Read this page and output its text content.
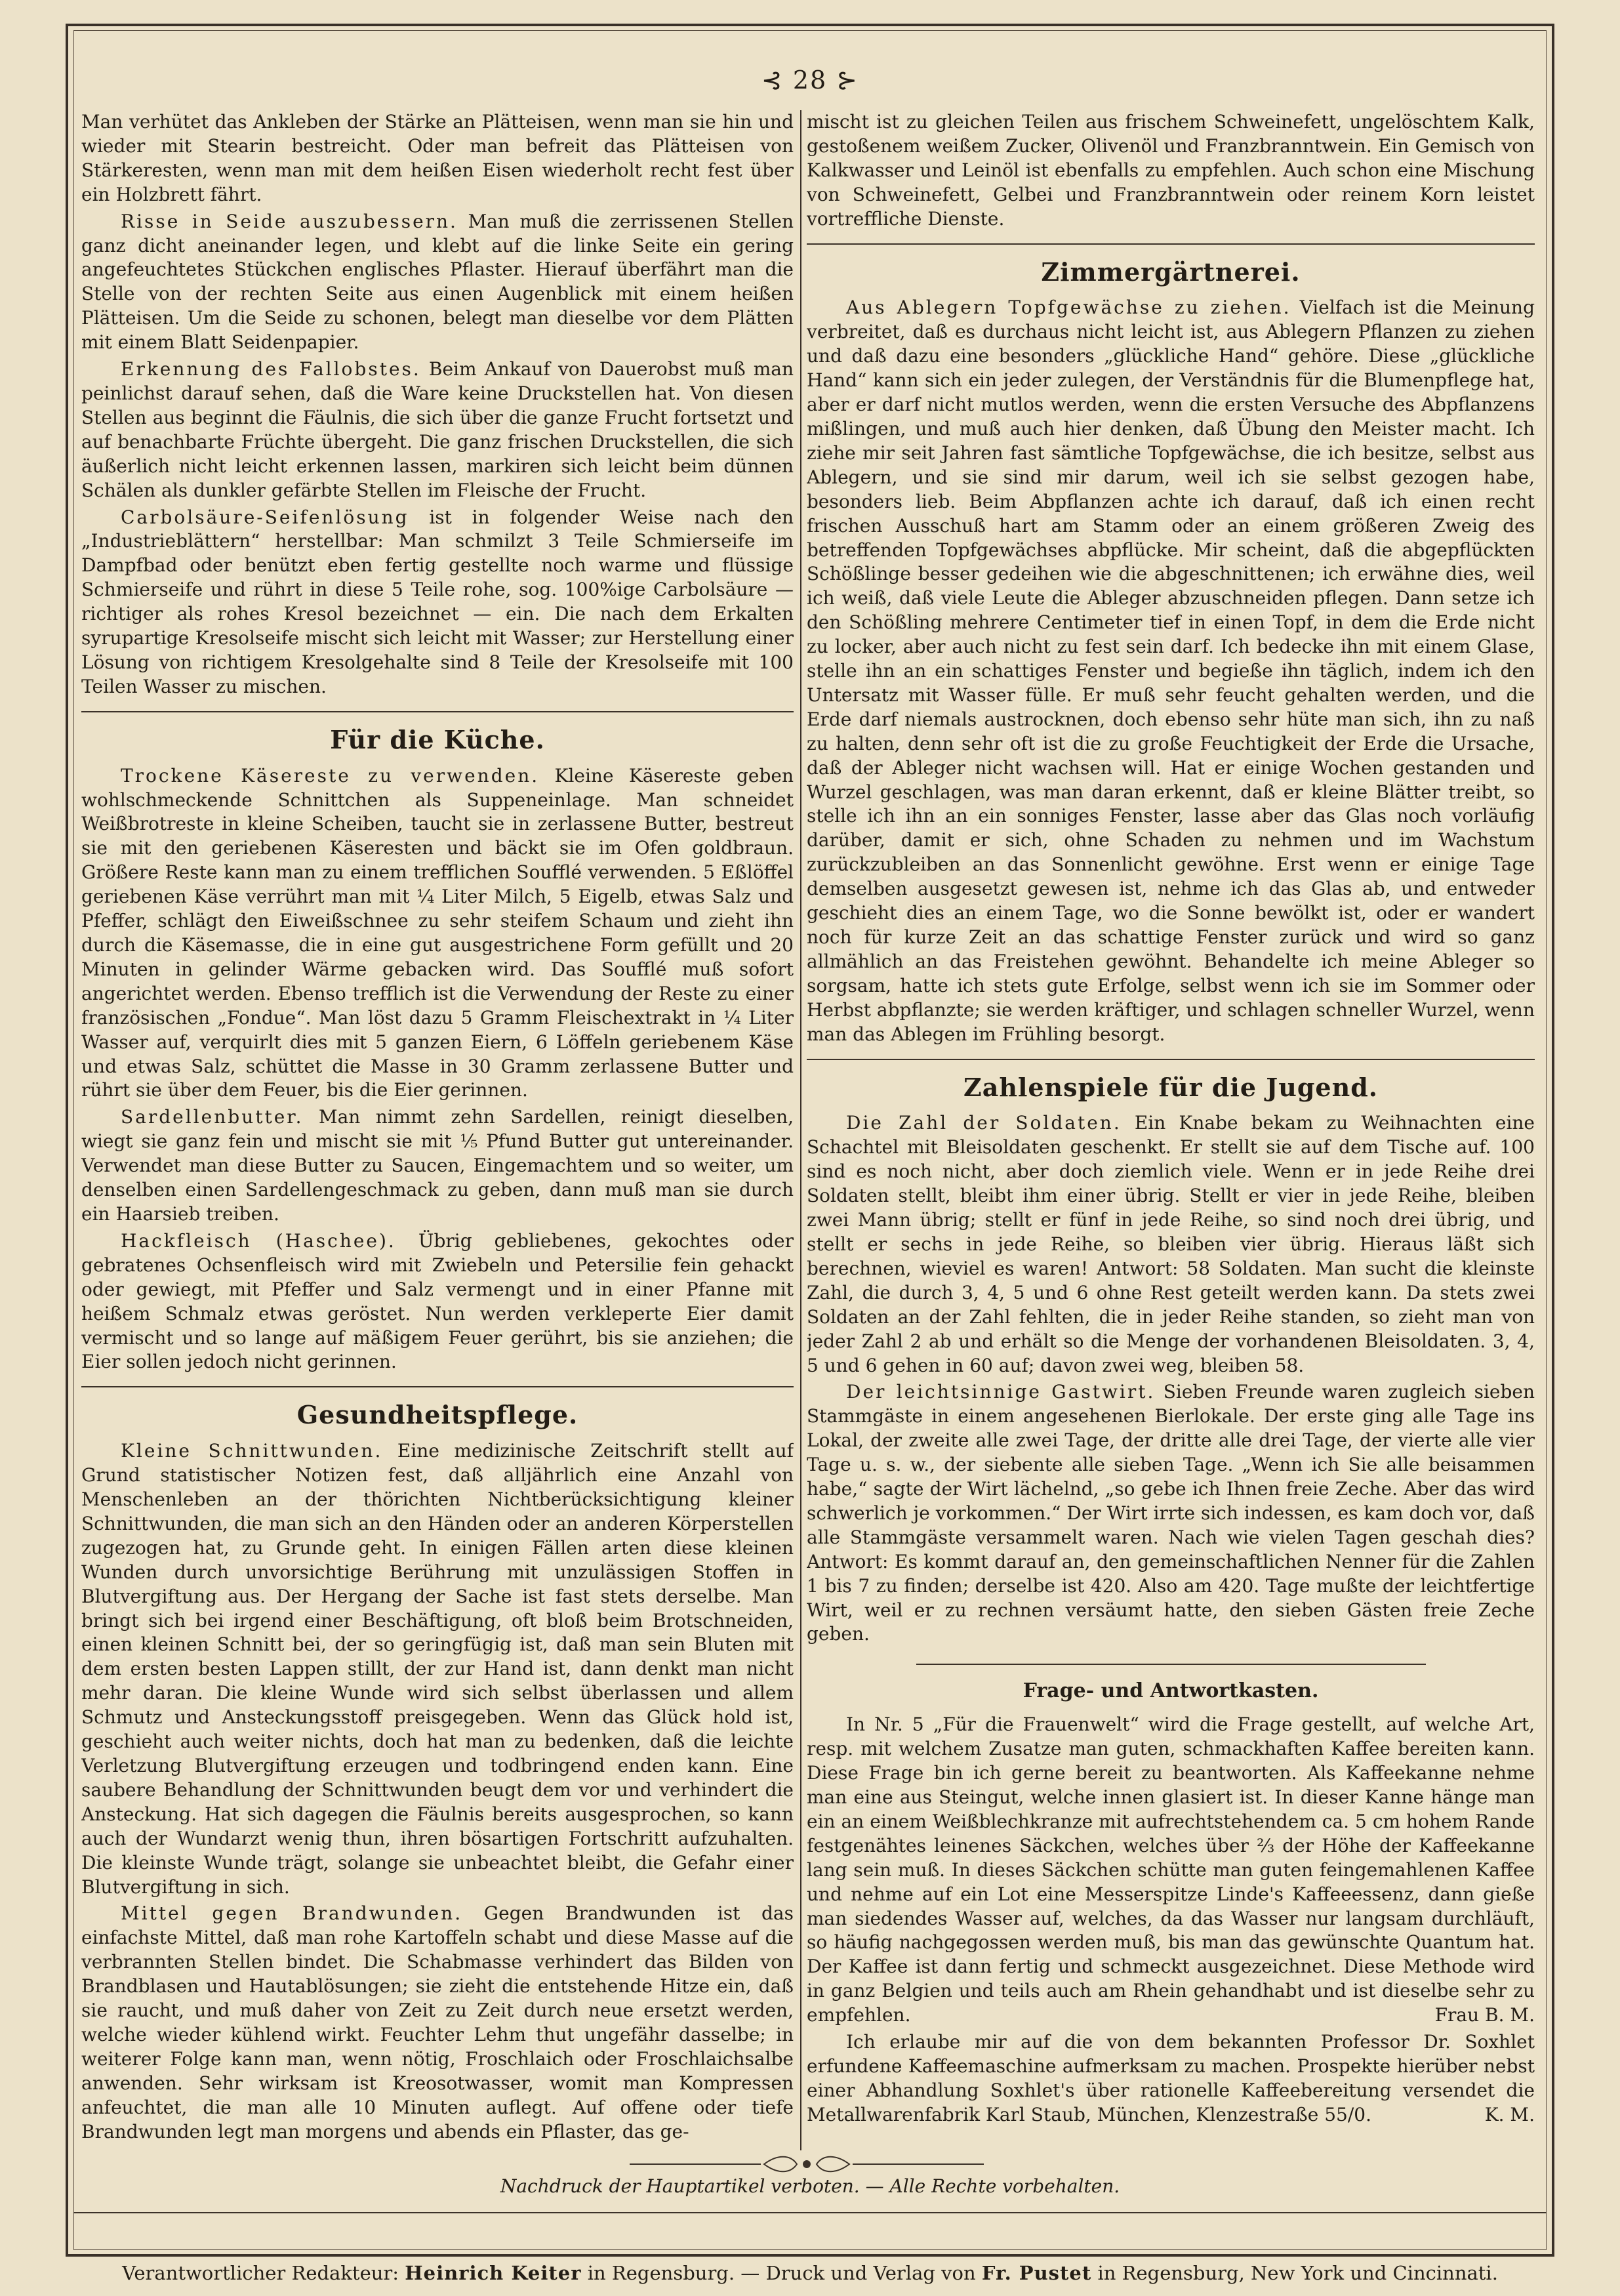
⊰ 28 ⊱

Man verhütet das Ankleben der Stärke an Plätteisen, wenn man sie hin und wieder mit Stearin bestreicht. Oder man befreit das Plätteisen von Stärkeresten, wenn man mit dem heißen Eisen wiederholt recht fest über ein Holzbrett fährt.

Risse in Seide auszubessern. Man muß die zerrissenen Stellen ganz dicht aneinander legen, und klebt auf die linke Seite ein gering angefeuchtetes Stückchen englisches Pflaster. Hierauf überfährt man die Stelle von der rechten Seite aus einen Augenblick mit einem heißen Plätteisen. Um die Seide zu schonen, belegt man dieselbe vor dem Plätten mit einem Blatt Seidenpapier.

Erkennung des Fallobstes. Beim Ankauf von Dauerobst muß man peinlichst darauf sehen, daß die Ware keine Druckstellen hat. Von diesen Stellen aus beginnt die Fäulnis, die sich über die ganze Frucht fortsetzt und auf benachbarte Früchte übergeht. Die ganz frischen Druckstellen, die sich äußerlich nicht leicht erkennen lassen, markiren sich leicht beim dünnen Schälen als dunkler gefärbte Stellen im Fleische der Frucht.

Carbolsäure-Seifenlösung ist in folgender Weise nach den „Industrieblättern“ herstellbar: Man schmilzt 3 Teile Schmierseife im Dampfbad oder benützt eben fertig gestellte noch warme und flüssige Schmierseife und rührt in diese 5 Teile rohe, sog. 100%ige Carbolsäure — richtiger als rohes Kresol bezeichnet — ein. Die nach dem Erkalten syrupartige Kresolseife mischt sich leicht mit Wasser; zur Herstellung einer Lösung von richtigem Kresolgehalte sind 8 Teile der Kresolseife mit 100 Teilen Wasser zu mischen.

Für die Küche.

Trockene Käsereste zu verwenden. Kleine Käsereste geben wohlschmeckende Schnittchen als Suppeneinlage. Man schneidet Weißbrotreste in kleine Scheiben, taucht sie in zerlassene Butter, bestreut sie mit den geriebenen Käseresten und bäckt sie im Ofen goldbraun. Größere Reste kann man zu einem trefflichen Soufflé verwenden. 5 Eßlöffel geriebenen Käse verrührt man mit ¼ Liter Milch, 5 Eigelb, etwas Salz und Pfeffer, schlägt den Eiweißschnee zu sehr steifem Schaum und zieht ihn durch die Käsemasse, die in eine gut ausgestrichene Form gefüllt und 20 Minuten in gelinder Wärme gebacken wird. Das Soufflé muß sofort angerichtet werden. Ebenso trefflich ist die Verwendung der Reste zu einer französischen „Fondue“. Man löst dazu 5 Gramm Fleischextrakt in ¼ Liter Wasser auf, verquirlt dies mit 5 ganzen Eiern, 6 Löffeln geriebenem Käse und etwas Salz, schüttet die Masse in 30 Gramm zerlassene Butter und rührt sie über dem Feuer, bis die Eier gerinnen.

Sardellenbutter. Man nimmt zehn Sardellen, reinigt dieselben, wiegt sie ganz fein und mischt sie mit ⅕ Pfund Butter gut untereinander. Verwendet man diese Butter zu Saucen, Eingemachtem und so weiter, um denselben einen Sardellengeschmack zu geben, dann muß man sie durch ein Haarsieb treiben.

Hackfleisch (Haschee). Übrig gebliebenes, gekochtes oder gebratenes Ochsenfleisch wird mit Zwiebeln und Petersilie fein gehackt oder gewiegt, mit Pfeffer und Salz vermengt und in einer Pfanne mit heißem Schmalz etwas geröstet. Nun werden verkleperte Eier damit vermischt und so lange auf mäßigem Feuer gerührt, bis sie anziehen; die Eier sollen jedoch nicht gerinnen.

Gesundheitspflege.

Kleine Schnittwunden. Eine medizinische Zeitschrift stellt auf Grund statistischer Notizen fest, daß alljährlich eine Anzahl von Menschenleben an der thörichten Nichtberücksichtigung kleiner Schnittwunden, die man sich an den Händen oder an anderen Körperstellen zugezogen hat, zu Grunde geht. In einigen Fällen arten diese kleinen Wunden durch unvorsichtige Berührung mit unzulässigen Stoffen in Blutvergiftung aus. Der Hergang der Sache ist fast stets derselbe. Man bringt sich bei irgend einer Beschäftigung, oft bloß beim Brotschneiden, einen kleinen Schnitt bei, der so geringfügig ist, daß man sein Bluten mit dem ersten besten Lappen stillt, der zur Hand ist, dann denkt man nicht mehr daran. Die kleine Wunde wird sich selbst überlassen und allem Schmutz und Ansteckungsstoff preisgegeben. Wenn das Glück hold ist, geschieht auch weiter nichts, doch hat man zu bedenken, daß die leichte Verletzung Blutvergiftung erzeugen und todbringend enden kann. Eine saubere Behandlung der Schnittwunden beugt dem vor und verhindert die Ansteckung. Hat sich dagegen die Fäulnis bereits ausgesprochen, so kann auch der Wundarzt wenig thun, ihren bösartigen Fortschritt aufzuhalten. Die kleinste Wunde trägt, solange sie unbeachtet bleibt, die Gefahr einer Blutvergiftung in sich.

Mittel gegen Brandwunden. Gegen Brandwunden ist das einfachste Mittel, daß man rohe Kartoffeln schabt und diese Masse auf die verbrannten Stellen bindet. Die Schabmasse verhindert das Bilden von Brandblasen und Hautablösungen; sie zieht die entstehende Hitze ein, daß sie raucht, und muß daher von Zeit zu Zeit durch neue ersetzt werden, welche wieder kühlend wirkt. Feuchter Lehm thut ungefähr dasselbe; in weiterer Folge kann man, wenn nötig, Froschlaich oder Froschlaichsalbe anwenden. Sehr wirksam ist Kreosotwasser, womit man Kompressen anfeuchtet, die man alle 10 Minuten auflegt. Auf offene oder tiefe Brandwunden legt man morgens und abends ein Pflaster, das ge-

mischt ist zu gleichen Teilen aus frischem Schweinefett, ungelöschtem Kalk, gestoßenem weißem Zucker, Olivenöl und Franzbranntwein. Ein Gemisch von Kalkwasser und Leinöl ist ebenfalls zu empfehlen. Auch schon eine Mischung von Schweinefett, Gelbei und Franzbranntwein oder reinem Korn leistet vortreffliche Dienste.

Zimmergärtnerei.

Aus Ablegern Topfgewächse zu ziehen. Vielfach ist die Meinung verbreitet, daß es durchaus nicht leicht ist, aus Ablegern Pflanzen zu ziehen und daß dazu eine besonders „glückliche Hand“ gehöre. Diese „glückliche Hand“ kann sich ein jeder zulegen, der Verständnis für die Blumenpflege hat, aber er darf nicht mutlos werden, wenn die ersten Versuche des Abpflanzens mißlingen, und muß auch hier denken, daß Übung den Meister macht. Ich ziehe mir seit Jahren fast sämtliche Topfgewächse, die ich besitze, selbst aus Ablegern, und sie sind mir darum, weil ich sie selbst gezogen habe, besonders lieb. Beim Abpflanzen achte ich darauf, daß ich einen recht frischen Ausschuß hart am Stamm oder an einem größeren Zweig des betreffenden Topfgewächses abpflücke. Mir scheint, daß die abgepflückten Schößlinge besser gedeihen wie die abgeschnittenen; ich erwähne dies, weil ich weiß, daß viele Leute die Ableger abzuschneiden pflegen. Dann setze ich den Schößling mehrere Centimeter tief in einen Topf, in dem die Erde nicht zu locker, aber auch nicht zu fest sein darf. Ich bedecke ihn mit einem Glase, stelle ihn an ein schattiges Fenster und begieße ihn täglich, indem ich den Untersatz mit Wasser fülle. Er muß sehr feucht gehalten werden, und die Erde darf niemals austrocknen, doch ebenso sehr hüte man sich, ihn zu naß zu halten, denn sehr oft ist die zu große Feuchtigkeit der Erde die Ursache, daß der Ableger nicht wachsen will. Hat er einige Wochen gestanden und Wurzel geschlagen, was man daran erkennt, daß er kleine Blätter treibt, so stelle ich ihn an ein sonniges Fenster, lasse aber das Glas noch vorläufig darüber, damit er sich, ohne Schaden zu nehmen und im Wachstum zurückzubleiben an das Sonnenlicht gewöhne. Erst wenn er einige Tage demselben ausgesetzt gewesen ist, nehme ich das Glas ab, und entweder geschieht dies an einem Tage, wo die Sonne bewölkt ist, oder er wandert noch für kurze Zeit an das schattige Fenster zurück und wird so ganz allmählich an das Freistehen gewöhnt. Behandelte ich meine Ableger so sorgsam, hatte ich stets gute Erfolge, selbst wenn ich sie im Sommer oder Herbst abpflanzte; sie werden kräftiger, und schlagen schneller Wurzel, wenn man das Ablegen im Frühling besorgt.

Zahlenspiele für die Jugend.

Die Zahl der Soldaten. Ein Knabe bekam zu Weihnachten eine Schachtel mit Bleisoldaten geschenkt. Er stellt sie auf dem Tische auf. 100 sind es noch nicht, aber doch ziemlich viele. Wenn er in jede Reihe drei Soldaten stellt, bleibt ihm einer übrig. Stellt er vier in jede Reihe, bleiben zwei Mann übrig; stellt er fünf in jede Reihe, so sind noch drei übrig, und stellt er sechs in jede Reihe, so bleiben vier übrig. Hieraus läßt sich berechnen, wieviel es waren! Antwort: 58 Soldaten. Man sucht die kleinste Zahl, die durch 3, 4, 5 und 6 ohne Rest geteilt werden kann. Da stets zwei Soldaten an der Zahl fehlten, die in jeder Reihe standen, so zieht man von jeder Zahl 2 ab und erhält so die Menge der vorhandenen Bleisoldaten. 3, 4, 5 und 6 gehen in 60 auf; davon zwei weg, bleiben 58.

Der leichtsinnige Gastwirt. Sieben Freunde waren zugleich sieben Stammgäste in einem angesehenen Bierlokale. Der erste ging alle Tage ins Lokal, der zweite alle zwei Tage, der dritte alle drei Tage, der vierte alle vier Tage u. s. w., der siebente alle sieben Tage. „Wenn ich Sie alle beisammen habe,“ sagte der Wirt lächelnd, „so gebe ich Ihnen freie Zeche. Aber das wird schwerlich je vorkommen.“ Der Wirt irrte sich indessen, es kam doch vor, daß alle Stammgäste versammelt waren. Nach wie vielen Tagen geschah dies? Antwort: Es kommt darauf an, den gemeinschaftlichen Nenner für die Zahlen 1 bis 7 zu finden; derselbe ist 420. Also am 420. Tage mußte der leichtfertige Wirt, weil er zu rechnen versäumt hatte, den sieben Gästen freie Zeche geben.

Frage- und Antwortkasten.

In Nr. 5 „Für die Frauenwelt“ wird die Frage gestellt, auf welche Art, resp. mit welchem Zusatze man guten, schmackhaften Kaffee bereiten kann. Diese Frage bin ich gerne bereit zu beantworten. Als Kaffeekanne nehme man eine aus Steingut, welche innen glasiert ist. In dieser Kanne hänge man ein an einem Weißblechkranze mit aufrechtstehendem ca. 5 cm hohem Rande festgenähtes leinenes Säckchen, welches über ⅔ der Höhe der Kaffeekanne lang sein muß. In dieses Säckchen schütte man guten feingemahlenen Kaffee und nehme auf ein Lot eine Messerspitze Linde's Kaffeeessenz, dann gieße man siedendes Wasser auf, welches, da das Wasser nur langsam durchläuft, so häufig nachgegossen werden muß, bis man das gewünschte Quantum hat. Der Kaffee ist dann fertig und schmeckt ausgezeichnet. Diese Methode wird in ganz Belgien und teils auch am Rhein gehandhabt und ist dieselbe sehr zu empfehlen.	Frau B. M.

Ich erlaube mir auf die von dem bekannten Professor Dr. Soxhlet erfundene Kaffeemaschine aufmerksam zu machen. Prospekte hierüber nebst einer Abhandlung Soxhlet's über rationelle Kaffeebereitung versendet die Metallwarenfabrik Karl Staub, München, Klenzestraße 55/0.	K. M.

Nachdruck der Hauptartikel verboten. — Alle Rechte vorbehalten.
Verantwortlicher Redakteur: Heinrich Keiter in Regensburg. — Druck und Verlag von Fr. Pustet in Regensburg, New York und Cincinnati.
